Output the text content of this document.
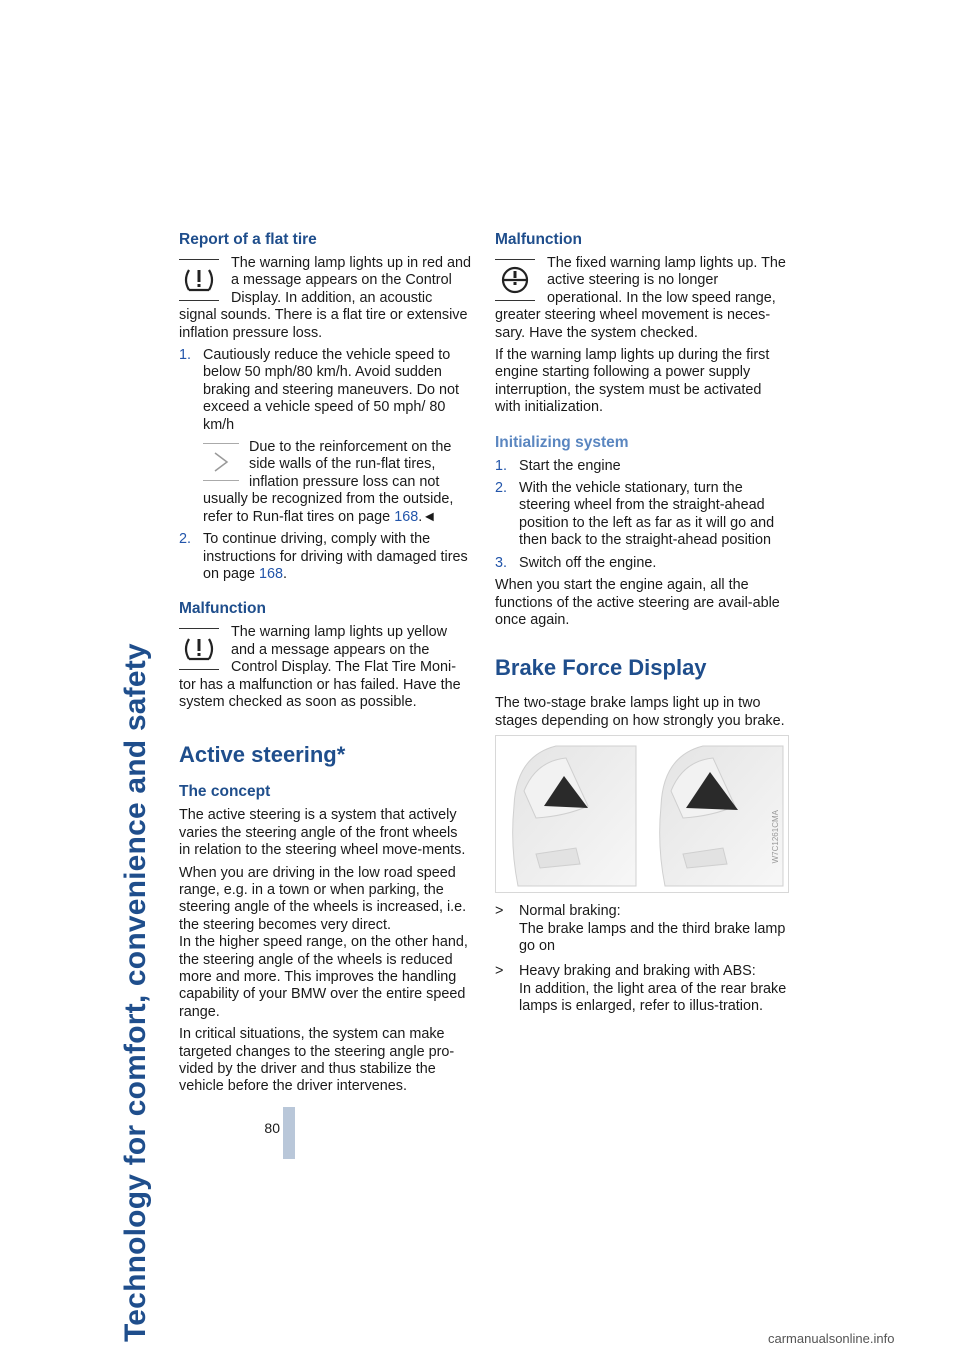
Technology for comfort, convenience and safety	80
Report of a flat tire

The warning lamp lights up in red and a message appears on the Control Display. In addition, an acoustic signal sounds. There is a flat tire or extensive inflation pressure loss.

1. Cautiously reduce the vehicle speed to below 50 mph/80 km/h. Avoid sudden braking and steering maneuvers. Do not exceed a vehicle speed of 50 mph/ 80 km/h
Due to the reinforcement on the side walls of the run-flat tires, inflation pressure loss can not usually be recognized from the outside, refer to Run-flat tires on page 168.◄
2. To continue driving, comply with the instructions for driving with damaged tires on page 168.
Malfunction

The warning lamp lights up yellow and a message appears on the Control Display. The Flat Tire Moni-tor has a malfunction or has failed. Have the system checked as soon as possible.

Active steering*
The concept

The active steering is a system that actively varies the steering angle of the front wheels in relation to the steering wheel move-ments.

When you are driving in the low road speed range, e.g. in a town or when parking, the steering angle of the wheels is increased, i.e. the steering becomes very direct.

In the higher speed range, on the other hand, the steering angle of the wheels is reduced more and more. This improves the handling capability of your BMW over the entire speed range.

In critical situations, the system can make targeted changes to the steering angle pro-vided by the driver and thus stabilize the vehicle before the driver intervenes.

Malfunction

The fixed warning lamp lights up. The active steering is no longer operational. In the low speed range, greater steering wheel movement is neces-sary. Have the system checked.

If the warning lamp lights up during the first engine starting following a power supply interruption, the system must be activated with initialization.

Initializing system
1. Start the engine
2. With the vehicle stationary, turn the steering wheel from the straight-ahead position to the left as far as it will go and then back to the straight-ahead position
3. Switch off the engine.

When you start the engine again, all the functions of the active steering are avail-able once again.

Brake Force Display

The two-stage brake lamps light up in two stages depending on how strongly you brake.

W7C1261CMA
> Normal braking:
The brake lamps and the third brake lamp go on
> Heavy braking and braking with ABS:
In addition, the light area of the rear brake lamps is enlarged, refer to illus-tration.
carmanualsonline.info
